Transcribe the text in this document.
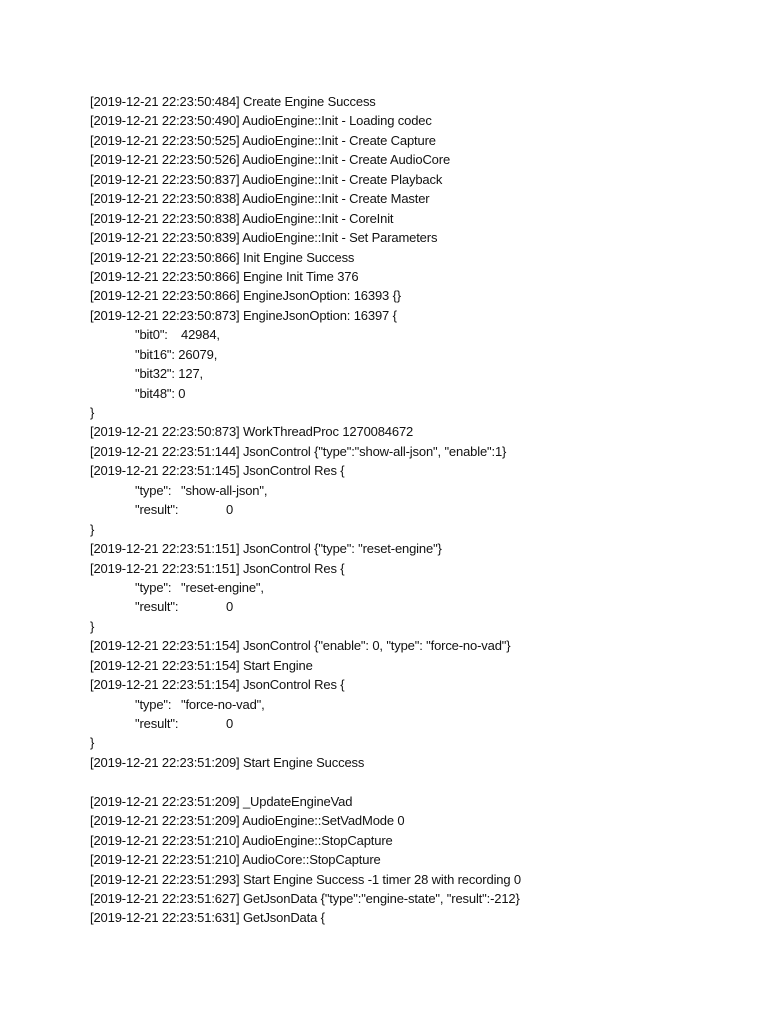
[2019-12-21 22:23:50:484] Create Engine Success
[2019-12-21 22:23:50:490] AudioEngine::Init - Loading codec
[2019-12-21 22:23:50:525] AudioEngine::Init - Create Capture
[2019-12-21 22:23:50:526] AudioEngine::Init - Create AudioCore
[2019-12-21 22:23:50:837] AudioEngine::Init - Create Playback
[2019-12-21 22:23:50:838] AudioEngine::Init - Create Master
[2019-12-21 22:23:50:838] AudioEngine::Init - CoreInit
[2019-12-21 22:23:50:839] AudioEngine::Init - Set Parameters
[2019-12-21 22:23:50:866] Init Engine Success
[2019-12-21 22:23:50:866] Engine Init Time 376
[2019-12-21 22:23:50:866] EngineJsonOption: 16393 {}
[2019-12-21 22:23:50:873] EngineJsonOption: 16397 {
"bit0": 42984,
"bit16": 26079,
"bit32": 127,
"bit48": 0
}
[2019-12-21 22:23:50:873] WorkThreadProc 1270084672
[2019-12-21 22:23:51:144] JsonControl {"type":"show-all-json", "enable":1}
[2019-12-21 22:23:51:145] JsonControl Res {
"type": "show-all-json",
"result":	0
}
[2019-12-21 22:23:51:151] JsonControl {"type": "reset-engine"}
[2019-12-21 22:23:51:151] JsonControl Res {
"type": "reset-engine",
"result":	0
}
[2019-12-21 22:23:51:154] JsonControl {"enable": 0, "type": "force-no-vad"}
[2019-12-21 22:23:51:154] Start Engine
[2019-12-21 22:23:51:154] JsonControl Res {
"type": "force-no-vad",
"result":	0
}
[2019-12-21 22:23:51:209] Start Engine Success
[2019-12-21 22:23:51:209] _UpdateEngineVad
[2019-12-21 22:23:51:209] AudioEngine::SetVadMode 0
[2019-12-21 22:23:51:210] AudioEngine::StopCapture
[2019-12-21 22:23:51:210] AudioCore::StopCapture
[2019-12-21 22:23:51:293] Start Engine Success -1 timer 28 with recording 0
[2019-12-21 22:23:51:627] GetJsonData {"type":"engine-state", "result":-212}
[2019-12-21 22:23:51:631] GetJsonData {
